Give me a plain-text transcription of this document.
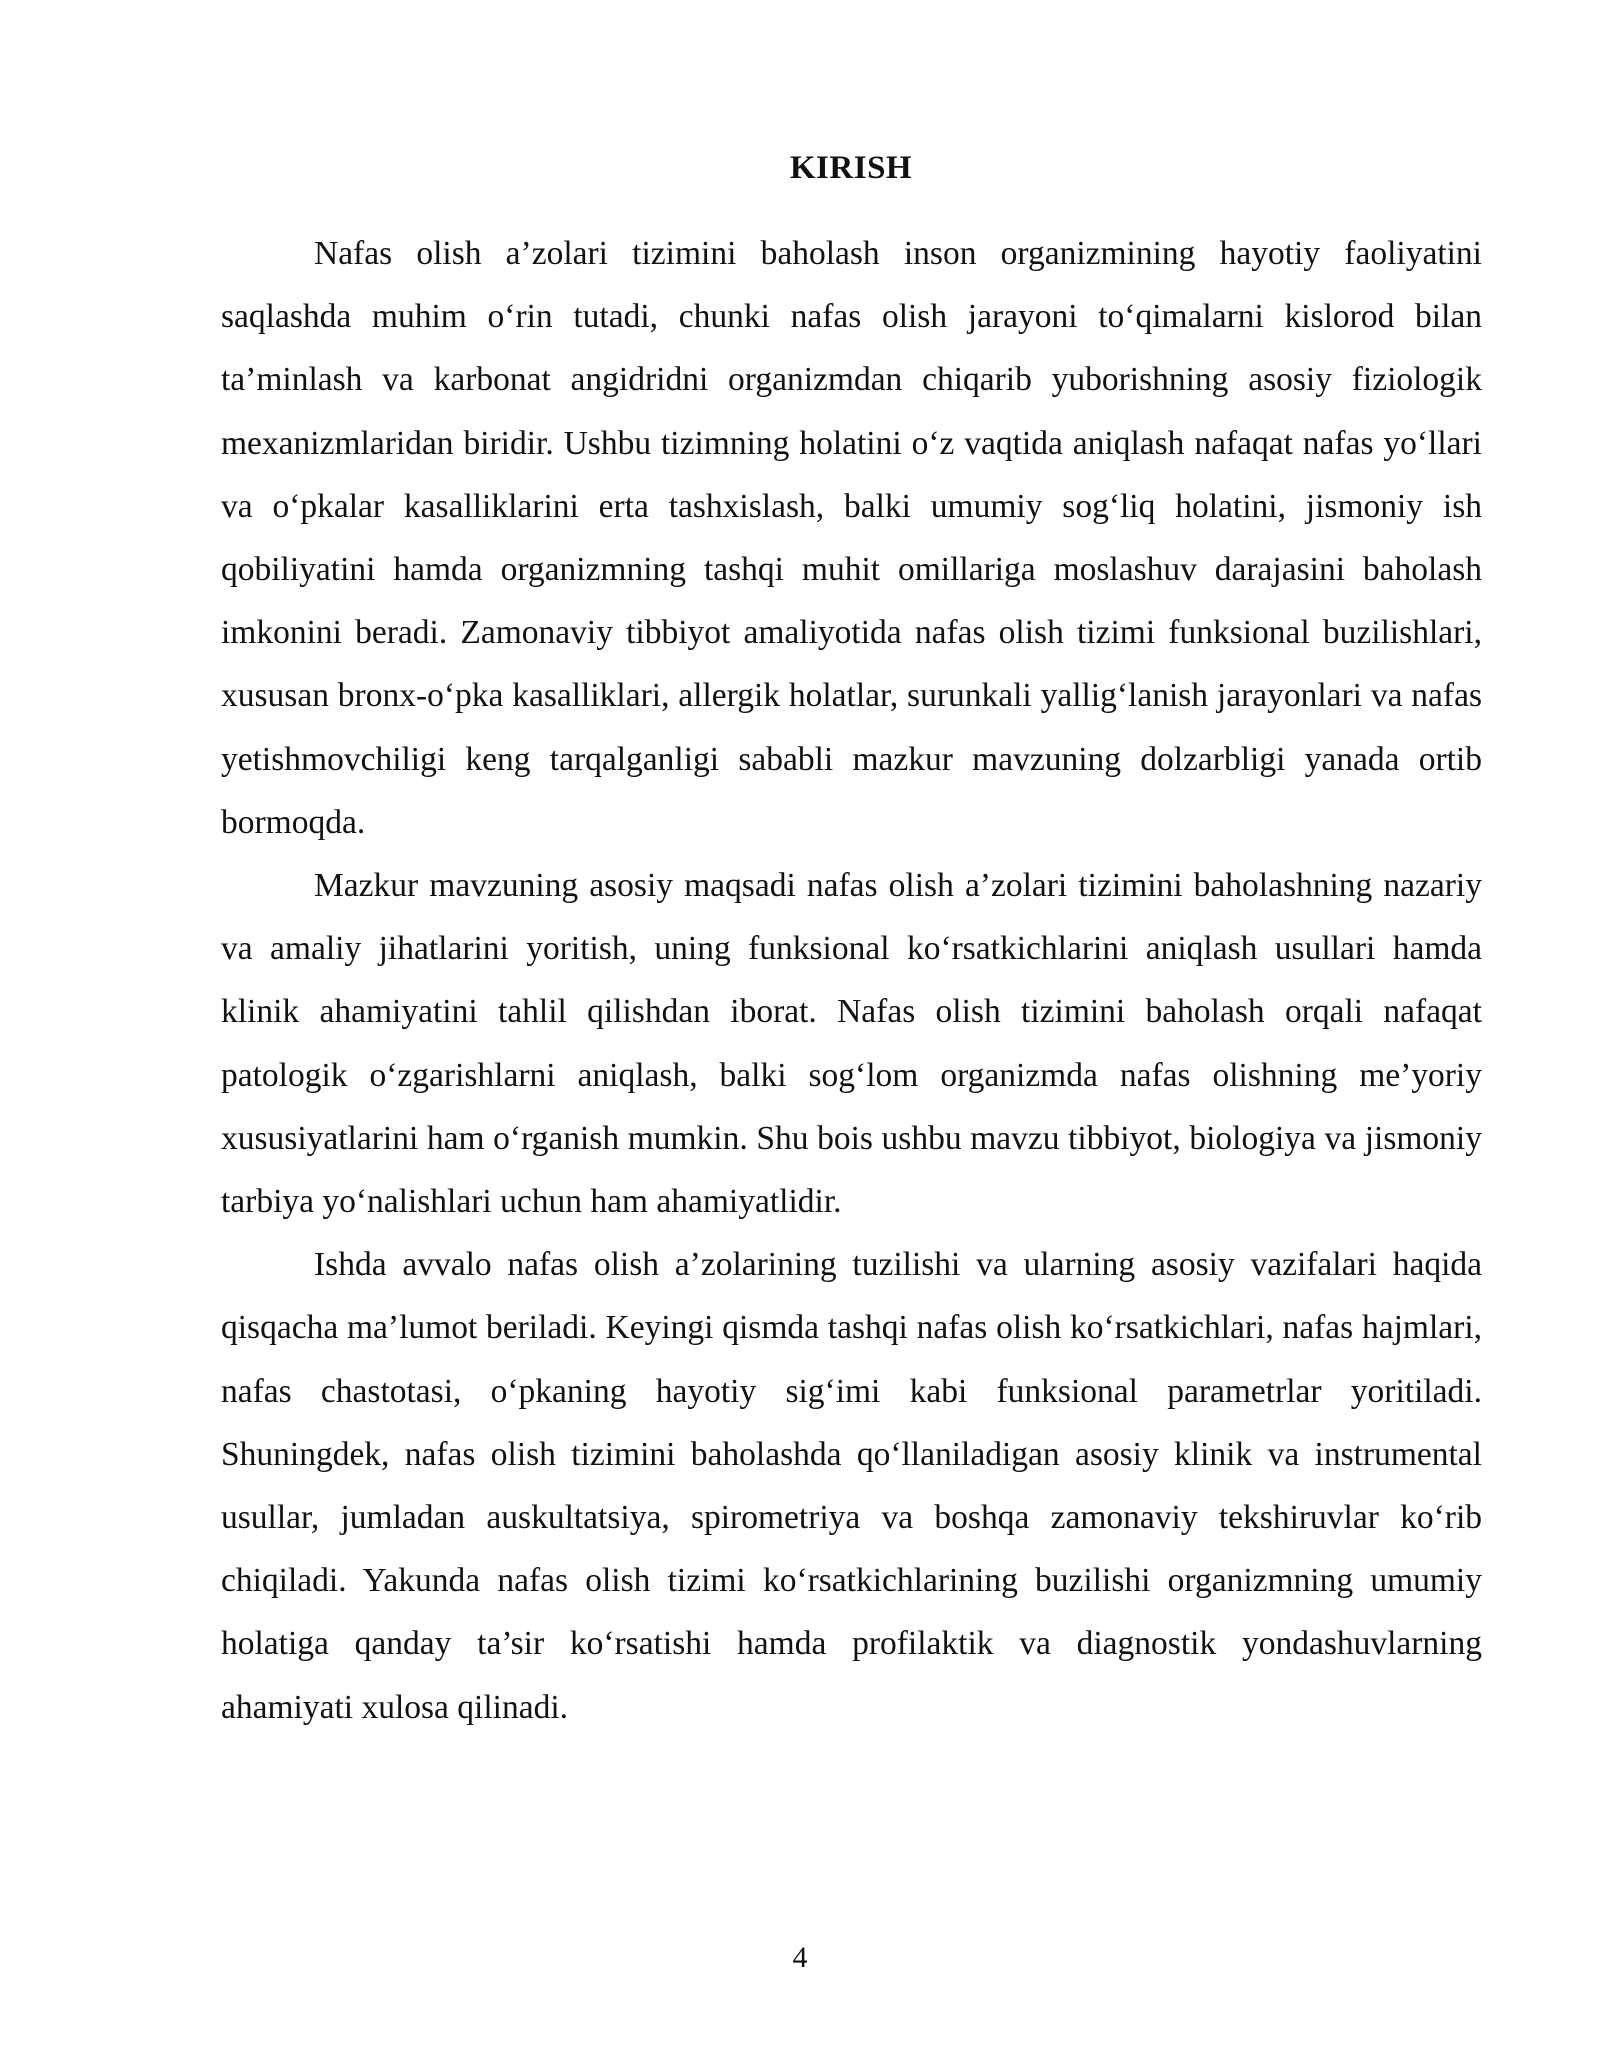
KIRISH

Nafas olish a’zolari tizimini baholash inson organizmining hayotiy faoliyatini saqlashda muhim o‘rin tutadi, chunki nafas olish jarayoni to‘qimalarni kislorod bilan ta’minlash va karbonat angidridni organizmdan chiqarib yuborishning asosiy fiziologik mexanizmlaridan biridir. Ushbu tizimning holatini o‘z vaqtida aniqlash nafaqat nafas yo‘llari va o‘pkalar kasalliklarini erta tashxislash, balki umumiy sog‘liq holatini, jismoniy ish qobiliyatini hamda organizmning tashqi muhit omillariga moslashuv darajasini baholash imkonini beradi. Zamonaviy tibbiyot amaliyotida nafas olish tizimi funksional buzilishlari, xususan bronx-o‘pka kasalliklari, allergik holatlar, surunkali yallig‘lanish jarayonlari va nafas yetishmovchiligi keng tarqalganligi sababli mazkur mavzuning dolzarbligi yanada ortib bormoqda.

Mazkur mavzuning asosiy maqsadi nafas olish a’zolari tizimini baholashning nazariy va amaliy jihatlarini yoritish, uning funksional ko‘rsatkichlarini aniqlash usullari hamda klinik ahamiyatini tahlil qilishdan iborat. Nafas olish tizimini baholash orqali nafaqat patologik o‘zgarishlarni aniqlash, balki sog‘lom organizmda nafas olishning me’yoriy xususiyatlarini ham o‘rganish mumkin. Shu bois ushbu mavzu tibbiyot, biologiya va jismoniy tarbiya yo‘nalishlari uchun ham ahamiyatlidir.

Ishda avvalo nafas olish a’zolarining tuzilishi va ularning asosiy vazifalari haqida qisqacha ma’lumot beriladi. Keyingi qismda tashqi nafas olish ko‘rsatkichlari, nafas hajmlari, nafas chastotasi, o‘pkaning hayotiy sig‘imi kabi funksional parametrlar yoritiladi. Shuningdek, nafas olish tizimini baholashda qo‘llaniladigan asosiy klinik va instrumental usullar, jumladan auskultatsiya, spirometriya va boshqa zamonaviy tekshiruvlar ko‘rib chiqiladi. Yakunda nafas olish tizimi ko‘rsatkichlarining buzilishi organizmning umumiy holatiga qanday ta’sir ko‘rsatishi hamda profilaktik va diagnostik yondashuvlarning ahamiyati xulosa qilinadi.

4
